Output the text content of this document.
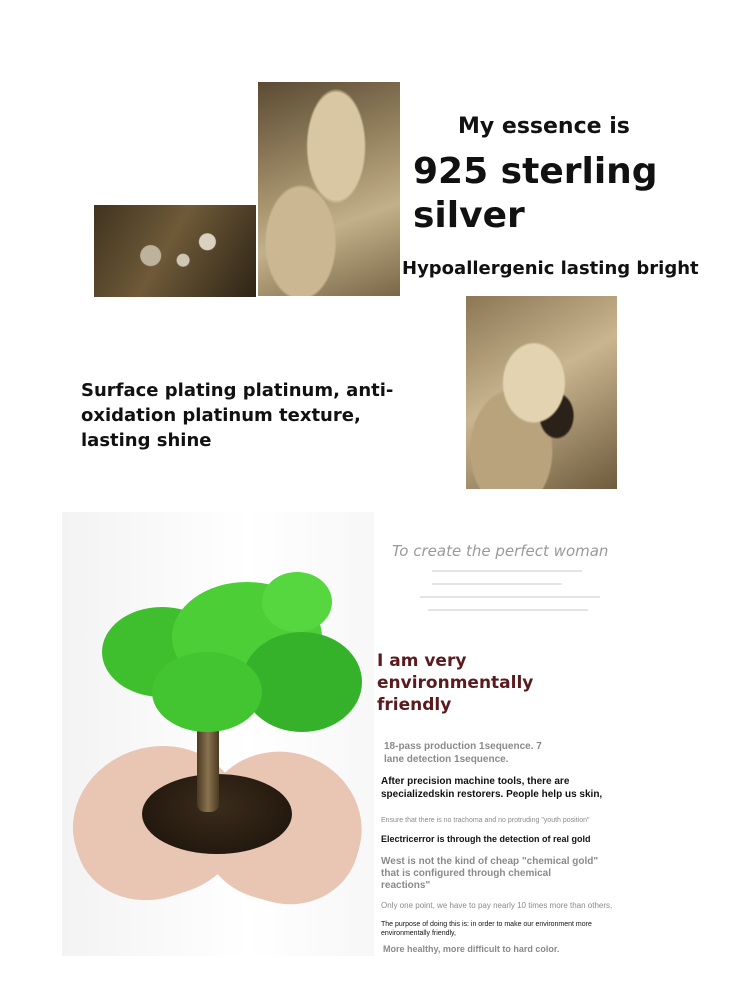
My essence is
925 sterling
silver
Hypoallergenic lasting bright
Surface plating platinum, anti-
oxidation platinum texture,
lasting shine
To create the perfect woman
I am very
environmentally
friendly
18-pass production 1sequence. 7
lane detection 1sequence.
After precision machine tools, there are
specializedskin restorers. People help us skin,
Ensure that there is no trachoma and no protruding "youth position"
Electricerror is through the detection of real gold
West is not the kind of cheap "chemical gold"
that is configured through chemical
reactions"
Only one point, we have to pay nearly 10 times more than others,
The purpose of doing this is: in order to make our environment more
environmentally friendly,
More healthy, more difficult to hard color.
